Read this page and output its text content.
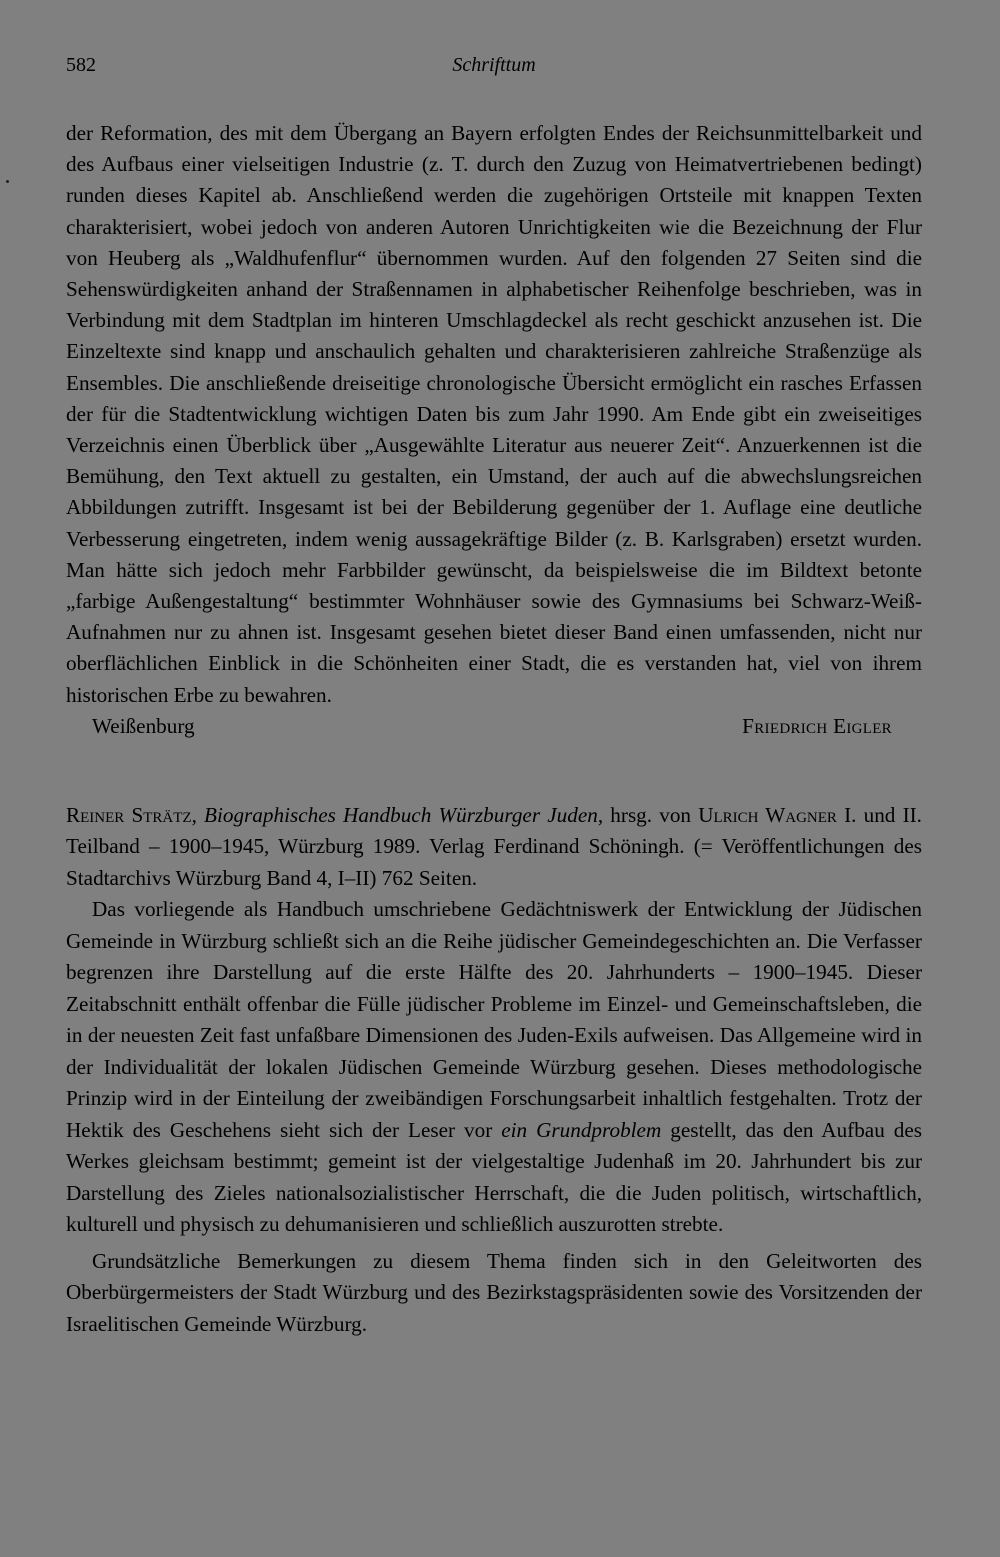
582	Schrifttum

der Reformation, des mit dem Übergang an Bayern erfolgten Endes der Reichsunmittelbarkeit und des Aufbaus einer vielseitigen Industrie (z. T. durch den Zuzug von Heimatvertriebenen bedingt) runden dieses Kapitel ab. Anschließend werden die zugehörigen Ortsteile mit knappen Texten charakterisiert, wobei jedoch von anderen Autoren Unrichtigkeiten wie die Bezeichnung der Flur von Heuberg als „Waldhufenflur“ übernommen wurden. Auf den folgenden 27 Seiten sind die Sehenswürdigkeiten anhand der Straßennamen in alphabetischer Reihenfolge beschrieben, was in Verbindung mit dem Stadtplan im hinteren Umschlagdeckel als recht geschickt anzusehen ist. Die Einzeltexte sind knapp und anschaulich gehalten und charakterisieren zahlreiche Straßenzüge als Ensembles. Die anschließende dreiseitige chronologische Übersicht ermöglicht ein rasches Erfassen der für die Stadtentwicklung wichtigen Daten bis zum Jahr 1990. Am Ende gibt ein zweiseitiges Verzeichnis einen Überblick über „Ausgewählte Literatur aus neuerer Zeit“. Anzuerkennen ist die Bemühung, den Text aktuell zu gestalten, ein Umstand, der auch auf die abwechslungsreichen Abbildungen zutrifft. Insgesamt ist bei der Bebilderung gegenüber der 1. Auflage eine deutliche Verbesserung eingetreten, indem wenig aussagekräftige Bilder (z. B. Karlsgraben) ersetzt wurden. Man hätte sich jedoch mehr Farbbilder gewünscht, da beispielsweise die im Bildtext betonte „farbige Außengestaltung“ bestimmter Wohnhäuser sowie des Gymnasiums bei Schwarz-Weiß-Aufnahmen nur zu ahnen ist. Insgesamt gesehen bietet dieser Band einen umfassenden, nicht nur oberflächlichen Einblick in die Schönheiten einer Stadt, die es verstanden hat, viel von ihrem historischen Erbe zu bewahren.

Weißenburg	Friedrich Eigler
Reiner Strätz, Biographisches Handbuch Würzburger Juden, hrsg. von Ulrich Wagner I. und II. Teilband – 1900–1945, Würzburg 1989. Verlag Ferdinand Schöningh. (= Veröffentlichungen des Stadtarchivs Würzburg Band 4, I–II) 762 Seiten.

Das vorliegende als Handbuch umschriebene Gedächtniswerk der Entwicklung der Jüdischen Gemeinde in Würzburg schließt sich an die Reihe jüdischer Gemeindegeschichten an. Die Verfasser begrenzen ihre Darstellung auf die erste Hälfte des 20. Jahrhunderts – 1900–1945. Dieser Zeitabschnitt enthält offenbar die Fülle jüdischer Probleme im Einzel- und Gemeinschaftsleben, die in der neuesten Zeit fast unfaßbare Dimensionen des Juden-Exils aufweisen. Das Allgemeine wird in der Individualität der lokalen Jüdischen Gemeinde Würzburg gesehen. Dieses methodologische Prinzip wird in der Einteilung der zweibändigen Forschungsarbeit inhaltlich festgehalten. Trotz der Hektik des Geschehens sieht sich der Leser vor ein Grundproblem gestellt, das den Aufbau des Werkes gleichsam bestimmt; gemeint ist der vielgestaltige Judenhaß im 20. Jahrhundert bis zur Darstellung des Zieles nationalsozialistischer Herrschaft, die die Juden politisch, wirtschaftlich, kulturell und physisch zu dehumanisieren und schließlich auszurotten strebte.

Grundsätzliche Bemerkungen zu diesem Thema finden sich in den Geleitworten des Oberbürgermeisters der Stadt Würzburg und des Bezirkstagspräsidenten sowie des Vorsitzenden der Israelitischen Gemeinde Würzburg.
